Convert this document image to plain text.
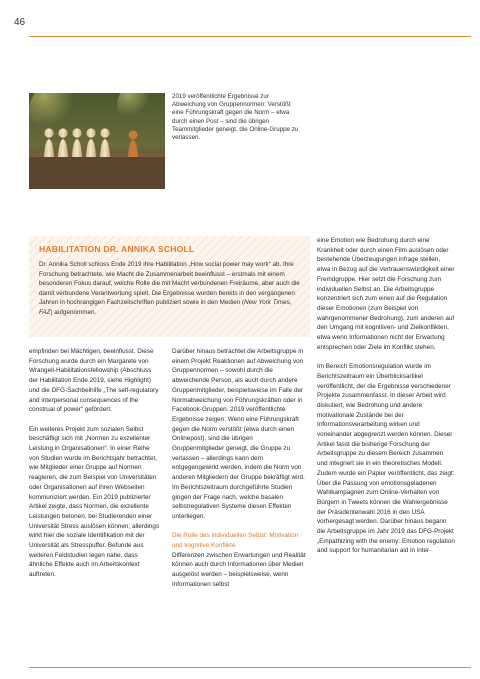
46
2019 veröffentlichte Ergebnisse zur Abweichung von Gruppennormen: Verstößt eine Führungskraft gegen die Norm – etwa durch einen Post – sind die übrigen Teammitglieder geneigt, die Online-Gruppe zu verlassen.
HABILITATION DR. ANNIKA SCHOLL
Dr. Annika Scholl schloss Ende 2019 ihre Habilitation „How social power may work“ ab. Ihre Forschung betrachtete, wie Macht die Zusammenarbeit beeinflusst – erstmals mit einem besonderen Fokus darauf, welche Rolle die mit Macht verbundenen Freiräume, aber auch die damit verbundene Verantwortung spielt. Die Ergebnisse wurden bereits in den vergangenen Jahren in hochrangigen Fachzeitschriften publiziert sowie in den Medien (New York Times, FAZ) aufgenommen.

empfinden bei Mächtigen, beeinflusst. Diese Forschung wurde durch ein Margarete von Wrangell-Habilitationsfellowship (Abschluss der Habilitation Ende 2019, siehe Highlight) und die DFG-Sachbeihilfe „The self-regulatory and interpersonal consequences of the construal of power“ gefördert.

Ein weiteres Projekt zum sozialen Selbst beschäftigt sich mit „Normen zu exzellenter Leistung in Organisationen“. In einer Reihe von Studien wurde im Berichtsjahr betrachtet, wie Mitglieder einer Gruppe auf Normen reagieren, die zum Beispiel von Universitäten oder Organisationen auf ihren Webseiten kommuniziert werden. Ein 2019 publizierter Artikel zeigte, dass Normen, die exzellente Leistungen betonen, bei Studierenden einer Universität Stress auslösen können; allerdings wirkt hier die soziale Identifikation mit der Universität als Stresspuffer. Befunde aus weiteren Feldstudien legen nahe, dass ähnliche Effekte auch im Arbeitskontext auftreten.

Darüber hinaus betrachtet die Arbeitsgruppe in einem Projekt Reaktionen auf Abweichung von Gruppennormen – sowohl durch die abweichende Person, als auch durch andere Gruppenmitglieder, beispielsweise im Falle der Normabweichung von Führungskräften oder in Facebook-Gruppen. 2019 veröffentlichte Ergebnisse zeigen: Wenn eine Führungskraft gegen die Norm verstößt (etwa durch einen Onlinepost), sind die übrigen Gruppenmitglieder geneigt, die Gruppe zu verlassen – allerdings kann dem entgegengewirkt werden, indem die Norm von anderen Mitgliedern der Gruppe bekräftigt wird. Im Berichtszeitraum durchgeführte Studien gingen der Frage nach, welche basalen selbstregulativen Systeme diesen Effekten unterliegen.

Die Rolle des individuellen Selbst: Motivation und kognitive Konflikte
Differenzen zwischen Erwartungen und Realität können auch durch Informationen über Medien ausgelöst werden – beispielsweise, wenn Informationen selbst

eine Emotion wie Bedrohung durch eine Krankheit oder durch einen Film auslösen oder bestehende Überzeugungen infrage stellen, etwa in Bezug auf die Vertrauenswürdigkeit einer Fremdgruppe. Hier setzt die Forschung zum individuellen Selbst an. Die Arbeitsgruppe konzentriert sich zum einen auf die Regulation dieser Emotionen (zum Beispiel von wahrgenommener Bedrohung), zum anderen auf den Umgang mit kognitiven- und Zielkonflikten, etwa wenn Informationen nicht der Erwartung entsprechen oder Ziele im Konflikt stehen.

Im Bereich Emotionsregulation wurde im Berichtszeitraum ein Überblicksartikel veröffentlicht, der die Ergebnisse verschiedener Projekte zusammenfasst. In dieser Arbeit wird diskutiert, wie Bedrohung und andere motivationale Zustände bei der Informationsverarbeitung wirken und voneinander abgegrenzt werden können. Dieser Artikel fasst die bisherige Forschung der Arbeitsgruppe zu diesem Bereich zusammen und integriert sie in ein theoretisches Modell. Zudem wurde ein Papier veröffentlicht, das zeigt: Über die Passung von emotionsgeladenen Wahlkampagnen zum Online-Verhalten von Bürgern in Tweets können die Wahlergebnisse der Präsidentenwahl 2016 in den USA vorhergesagt werden. Darüber hinaus begann die Arbeitsgruppe im Jahr 2019 das DFG-Projekt „Empathizing with the enemy: Emotion regulation and support for humanitarian aid in inter-
